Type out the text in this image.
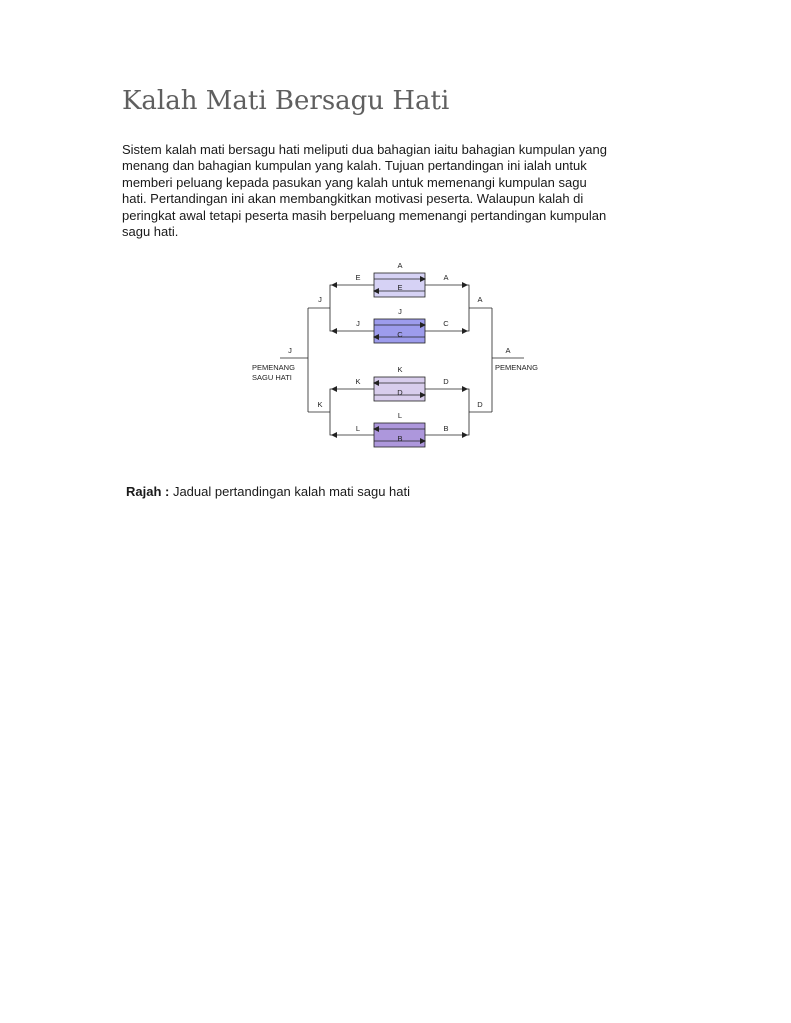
Kalah Mati Bersagu Hati
Sistem kalah mati bersagu hati meliputi dua bahagian iaitu bahagian kumpulan yang
menang dan bahagian kumpulan yang kalah. Tujuan pertandingan ini ialah untuk
memberi peluang kepada pasukan yang kalah untuk memenangi kumpulan sagu
hati. Pertandingan ini akan membangkitkan motivasi peserta. Walaupun kalah di
peringkat awal tetapi peserta masih berpeluang memenangi pertandingan kumpulan
sagu hati.
A
E
J
C
K
D
L
B
E	A
J	C
K	D
L	B
J
K
A
D
J	A
PEMENANG
SAGU HATI
PEMENANG

Rajah : Jadual pertandingan kalah mati sagu hati
